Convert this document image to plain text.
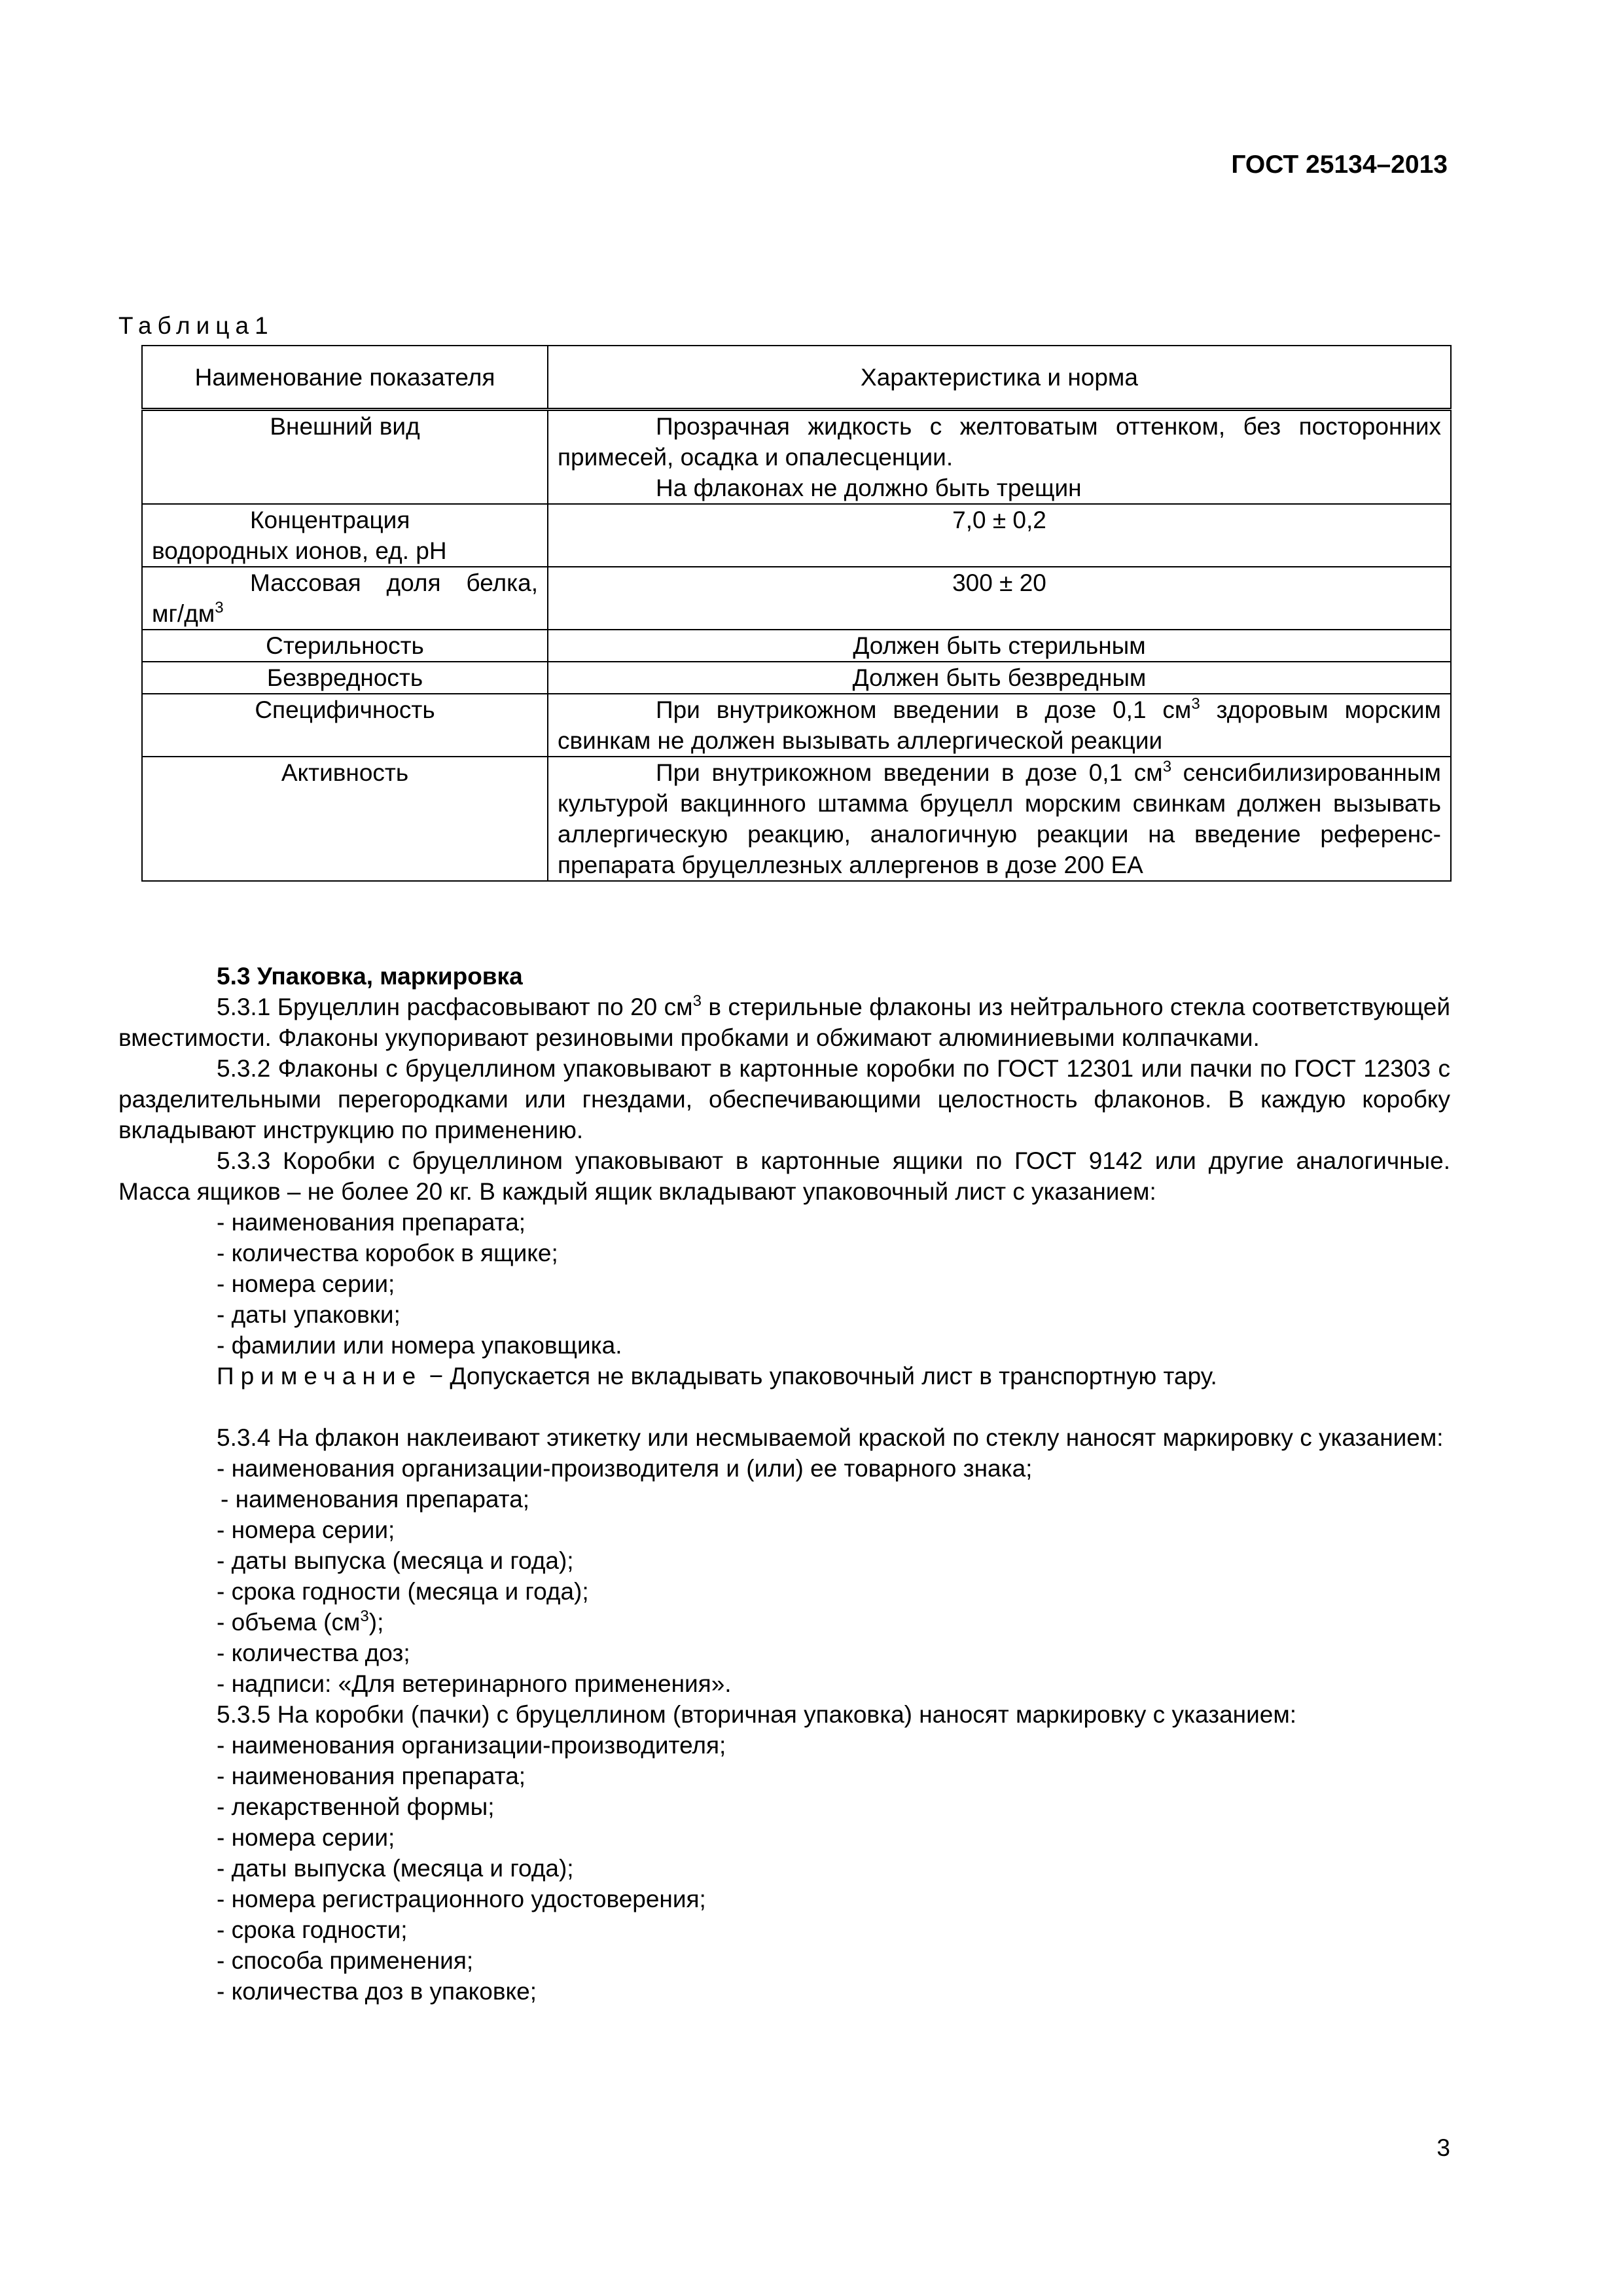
ГОСТ 25134–2013
Таблица1
Наименование показателя	Характеристика и норма
Внешний вид	Прозрачная жидкость с желтоватым оттенком, без посторонних примесей, осадка и опалесценции.
На флаконах не должно быть трещин

Концентрация водородных ионов, ед. рН	7,0 ± 0,2
Массовая доля белка, $мг/дм^3$	300 ± 20
Стерильность	Должен быть стерильным
Безвредность	Должен быть безвредным
Специфичность	При внутрикожном введении в дозе 0,1 $см^3$ здоровым морским свинкам не должен вызывать аллергической реакции
Активность	При внутрикожном введении в дозе 0,1 $см^3$ сенсибилизированным культурой вакцинного штамма бруцелл морским свинкам должен вызывать аллергическую реакцию, аналогичную реакции на введение референс-препарата бруцеллезных аллергенов в дозе 200 ЕА

5.3 Упаковка, маркировка

5.3.1 Бруцеллин расфасовывают по 20 $см^3$ в стерильные флаконы из нейтрального стекла соответствующей вместимости. Флаконы укупоривают резиновыми пробками и обжимают алюминиевыми колпачками.

5.3.2 Флаконы с бруцеллином упаковывают в картонные коробки по ГОСТ 12301 или пачки по ГОСТ 12303 с разделительными перегородками или гнездами, обеспечивающими целостность флаконов. В каждую коробку вкладывают инструкцию по применению.

5.3.3 Коробки с бруцеллином упаковывают в картонные ящики по ГОСТ 9142 или другие аналогичные. Масса ящиков – не более 20 кг. В каждый ящик вкладывают упаковочный лист с указанием:

- наименования препарата;

- количества коробок в ящике;

- номера серии;

- даты упаковки;

- фамилии или номера упаковщика.

Примечание − Допускается не вкладывать упаковочный лист в транспортную тару.

5.3.4 На флакон наклеивают этикетку или несмываемой краской по стеклу наносят маркировку с указанием:

- наименования организации-производителя и (или) ее товарного знака;

- наименования препарата;

- номера серии;

- даты выпуска (месяца и года);

- срока годности (месяца и года);

- объема $(см^3)$;

- количества доз;

- надписи: «Для ветеринарного применения».

5.3.5 На коробки (пачки) с бруцеллином (вторичная упаковка) наносят маркировку с указанием:

- наименования организации-производителя;

- наименования препарата;

- лекарственной формы;

- номера серии;

- даты выпуска (месяца и года);

- номера регистрационного удостоверения;

- срока годности;

- способа применения;

- количества доз в упаковке;

3
